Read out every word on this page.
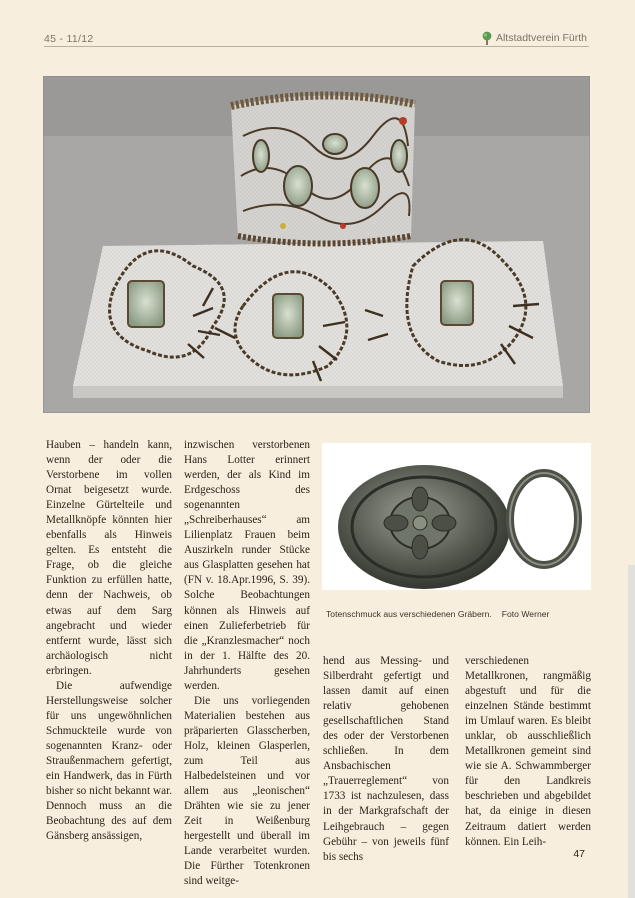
45 - 11/12	Altstadtverein Fürth
Totenschmuck aus verschiedenen Gräbern. Foto Werner

Hauben – handeln kann, wenn der oder die Verstorbene im vollen Ornat beigesetzt wurde. Einzelne Gürtelteile und Metallknöpfe könnten hier ebenfalls als Hinweis gelten. Es entsteht die Frage, ob die gleiche Funktion zu erfüllen hatte, denn der Nachweis, ob etwas auf dem Sarg angebracht und wieder entfernt wurde, lässt sich archäologisch nicht erbringen.

Die aufwendige Herstellungsweise solcher für uns ungewöhnlichen Schmuckteile wurde von sogenannten Kranz- oder Straußenmachern gefertigt, ein Handwerk, das in Fürth bisher so nicht bekannt war. Dennoch muss an die Beobachtung des auf dem Gänsberg ansässigen,

inzwischen verstorbenen Hans Lotter erinnert werden, der als Kind im Erdgeschoss des sogenannten „Schreiberhauses“ am Lilienplatz Frauen beim Auszirkeln runder Stücke aus Glasplatten gesehen hat (FN v. 18.Apr.1996, S. 39). Solche Beobachtungen können als Hinweis auf einen Zulieferbetrieb für die „Kranzlesmacher“ noch in der 1. Hälfte des 20. Jahrhunderts gesehen werden.

Die uns vorliegenden Materialien bestehen aus präparierten Glasscherben, Holz, kleinen Glasperlen, zum Teil aus Halbedelsteinen und vor allem aus „leonischen“ Drähten wie sie zu jener Zeit in Weißenburg hergestellt und überall im Lande verarbeitet wurden. Die Fürther Totenkronen sind weitge-

hend aus Messing- und Silberdraht gefertigt und lassen damit auf einen relativ gehobenen gesellschaftlichen Stand des oder der Verstorbenen schließen. In dem Ansbachischen „Trauerreglement“ von 1733 ist nachzulesen, dass in der Markgrafschaft der Leihgebrauch – gegen Gebühr – von jeweils fünf bis sechs

verschiedenen Metallkronen, rangmäßig abgestuft und für die einzelnen Stände bestimmt im Umlauf waren. Es bleibt unklar, ob ausschließlich Metallkronen gemeint sind wie sie A. Schwammberger für den Landkreis beschrieben und abgebildet hat, da einige in diesen Zeitraum datiert werden können. Ein Leih-

47
